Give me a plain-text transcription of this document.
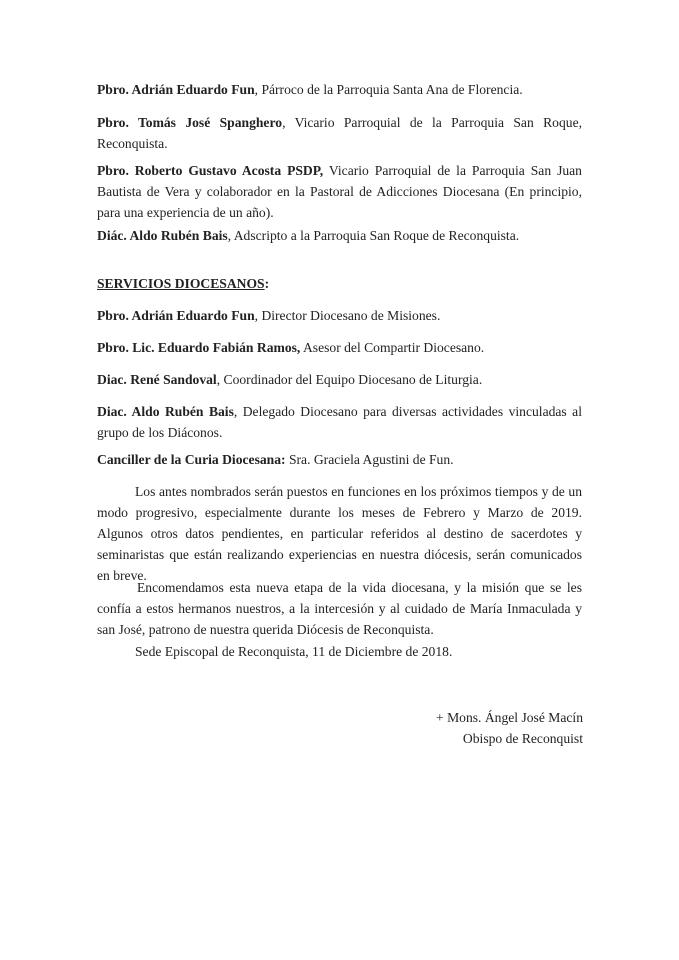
Pbro. Adrián Eduardo Fun, Párroco de la Parroquia Santa Ana de Florencia.

Pbro. Tomás José Spanghero, Vicario Parroquial de la Parroquia San Roque, Reconquista.

Pbro. Roberto Gustavo Acosta PSDP, Vicario Parroquial de la Parroquia San Juan Bautista de Vera y colaborador en la Pastoral de Adicciones Diocesana (En principio, para una experiencia de un año).

Diác. Aldo Rubén Bais, Adscripto a la Parroquia San Roque de Reconquista.

SERVICIOS DIOCESANOS:

Pbro. Adrián Eduardo Fun, Director Diocesano de Misiones.

Pbro. Lic. Eduardo Fabián Ramos, Asesor del Compartir Diocesano.

Diac. René Sandoval, Coordinador del Equipo Diocesano de Liturgia.

Diac. Aldo Rubén Bais, Delegado Diocesano para diversas actividades vinculadas al grupo de los Diáconos.

Canciller de la Curia Diocesana: Sra. Graciela Agustini de Fun.

Los antes nombrados serán puestos en funciones en los próximos tiempos y de un modo progresivo, especialmente durante los meses de Febrero y Marzo de 2019. Algunos otros datos pendientes, en particular referidos al destino de sacerdotes y seminaristas que están realizando experiencias en nuestra diócesis, serán comunicados en breve.

Encomendamos esta nueva etapa de la vida diocesana, y la misión que se les confía a estos hermanos nuestros, a la intercesión y al cuidado de María Inmaculada y san José, patrono de nuestra querida Diócesis de Reconquista.

Sede Episcopal de Reconquista, 11 de Diciembre de 2018.

+ Mons. Ángel José Macín
Obispo de Reconquist
